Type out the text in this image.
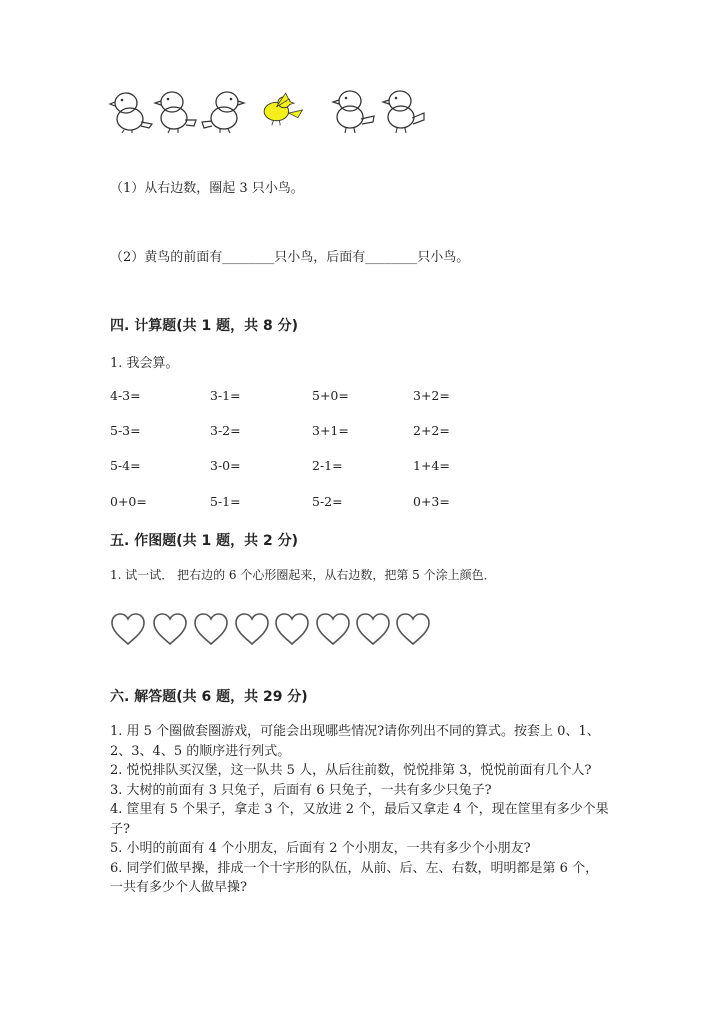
（1）从右边数，圈起 3 只小鸟。
（2）黄鸟的前面有________只小鸟，后面有________只小鸟。
四. 计算题(共 1 题，共 8 分)
1. 我会算。
4-3=	3-1=	5+0=	3+2=
5-3=	3-2=	3+1=	2+2=
5-4=	3-0=	2-1=	1+4=
0+0=	5-1=	5-2=	0+3=
五. 作图题(共 1 题，共 2 分)
1. 试一试． 把右边的 6 个心形圈起来，从右边数，把第 5 个涂上颜色．
六. 解答题(共 6 题，共 29 分)
1. 用 5 个圈做套圈游戏，可能会出现哪些情况?请你列出不同的算式。按套上 0、1、2、3、4、5 的顺序进行列式。
2. 悦悦排队买汉堡，这一队共 5 人，从后往前数，悦悦排第 3，悦悦前面有几个人?
3. 大树的前面有 3 只兔子，后面有 6 只兔子，一共有多少只兔子?
4. 筐里有 5 个果子，拿走 3 个，又放进 2 个，最后又拿走 4 个，现在筐里有多少个果子?
5. 小明的前面有 4 个小朋友，后面有 2 个小朋友，一共有多少个小朋友?
6. 同学们做早操，排成一个十字形的队伍，从前、后、左、右数，明明都是第 6 个，一共有多少个人做早操?
